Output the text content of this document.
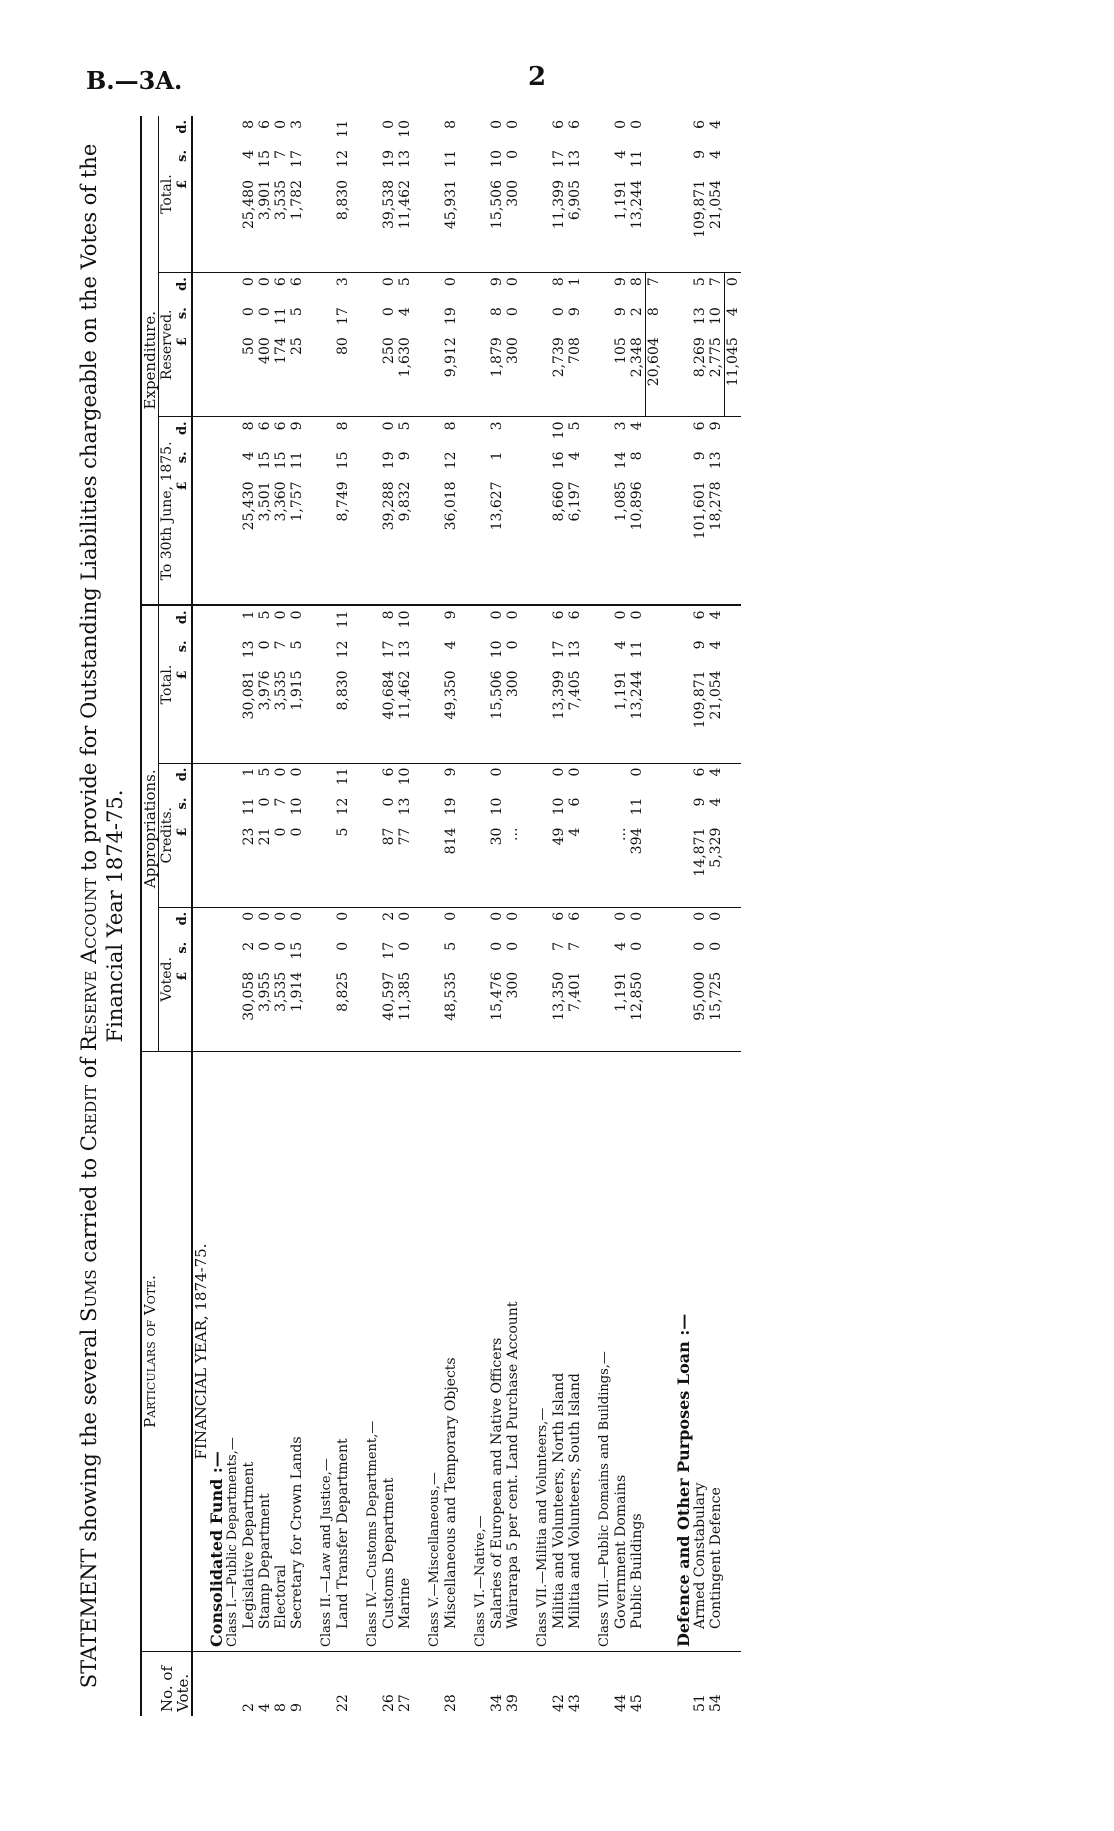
B.—3A.	2
STATEMENT showing the several Sums carried to Credit of Reserve Account to provide for Outstanding Liabilities chargeable on the Votes of the
Financial Year 1874-75.
No. of Vote.	Particulars of Vote.	Appropriations.									Expenditure.								
		Voted.			Credits.			Total.			To 30th June, 1875.			Reserved.			Total.		
		£	s.	d.	£	s.	d.	£	s.	d.	£	s.	d.	£	s.	d.	£	s.	d.
	FINANCIAL YEAR, 1874-75.																		
	Consolidated Fund :—																		
	Class I.—Public Departments,—																		
2	Legislative Department	30,058	2	0	23	11	1	30,081	13	1	25,430	4	8	50	0	0	25,480	4	8
4	Stamp Department	3,955	0	0	21	0	5	3,976	0	5	3,501	15	6	400	0	0	3,901	15	6
8	Electoral	3,535	0	0	0	7	0	3,535	7	0	3,360	15	6	174	11	6	3,535	7	0
9	Secretary for Crown Lands	1,914	15	0	0	10	0	1,915	5	0	1,757	11	9	25	5	6	1,782	17	3

	Class II.—Law and Justice,—																		
22	Land Transfer Department	8,825	0	0	5	12	11	8,830	12	11	8,749	15	8	80	17	3	8,830	12	11

	Class IV.—Customs Department,—																		
26	Customs Department	40,597	17	2	87	0	6	40,684	17	8	39,288	19	0	250	0	0	39,538	19	0
27	Marine	11,385	0	0	77	13	10	11,462	13	10	9,832	9	5	1,630	4	5	11,462	13	10

	Class V.—Miscellaneous,—																		
28	Miscellaneous and Temporary Objects	48,535	5	0	814	19	9	49,350	4	9	36,018	12	8	9,912	19	0	45,931	11	8

	Class VI.—Native,—																		
34	Salaries of European and Native Officers	15,476	0	0	30	10	0	15,506	10	0	13,627	1	3	1,879	8	9	15,506	10	0
39	Wairarapa 5 per cent. Land Purchase Account	300	0	0	...			300	0	0				300	0	0	300	0	0

	Class VII.—Militia and Volunteers,—																		
42	Militia and Volunteers, North Island	13,350	7	6	49	10	0	13,399	17	6	8,660	16	10	2,739	0	8	11,399	17	6
43	Militia and Volunteers, South Island	7,401	7	6	4	6	0	7,405	13	6	6,197	4	5	708	9	1	6,905	13	6

	Class VIII.—Public Domains and Buildings,—																		
44	Government Domains	1,191	4	0	...			1,191	4	0	1,085	14	3	105	9	9	1,191	4	0
45	Public Buildings	12,850	0	0	394	11	0	13,244	11	0	10,896	8	4	2,348	2	8	13,244	11	0
														20,604	8	7			

	Defence and Other Purposes Loan :—																		
51	Armed Constabulary	95,000	0	0	14,871	9	6	109,871	9	6	101,601	9	6	8,269	13	5	109,871	9	6
54	Contingent Defence	15,725	0	0	5,329	4	4	21,054	4	4	18,278	13	9	2,775	10	7	21,054	4	4
														11,045	4	0			
